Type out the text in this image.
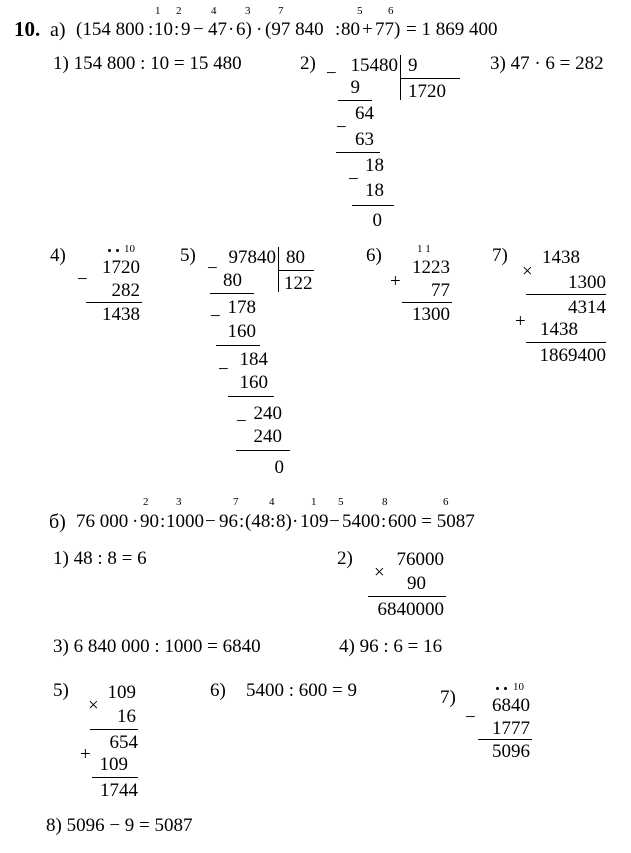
10. а) (154 800 : 10 : 9 − 47 · 6) · (97 840 : 80 + 77) = 1 869 400
1 2	4	3	7	5 6
1) 154 800 : 10 = 15 480	2) − 15480 9
1720
9
64
−
63
18
−
18
0
3) 47 · 6 = 282
4)	10
−
1720
282
1438
5)
−
97840 80
122
80
− 178
160
− 184
160
− 240
240
0
6)	1 1
+
1223
77
1300
7)
×
1438
1300
4314
+ 1438
1869400
б) 76 000 · 90 : 1000 − 96 : (48 : 8) · 109 − 5400 : 600 = 5087
2	3	7	4	1 5	8	6
1) 48 : 8 = 6	2)
×
76000
90
6840000
3) 6 840 000 : 1000 = 6840	4) 96 : 6 = 16
5)
×
109
16
654
+ 109
1744
6) 5400 : 600 = 9	7)	10
−
6840
1777
5096
8) 5096 − 9 = 5087
